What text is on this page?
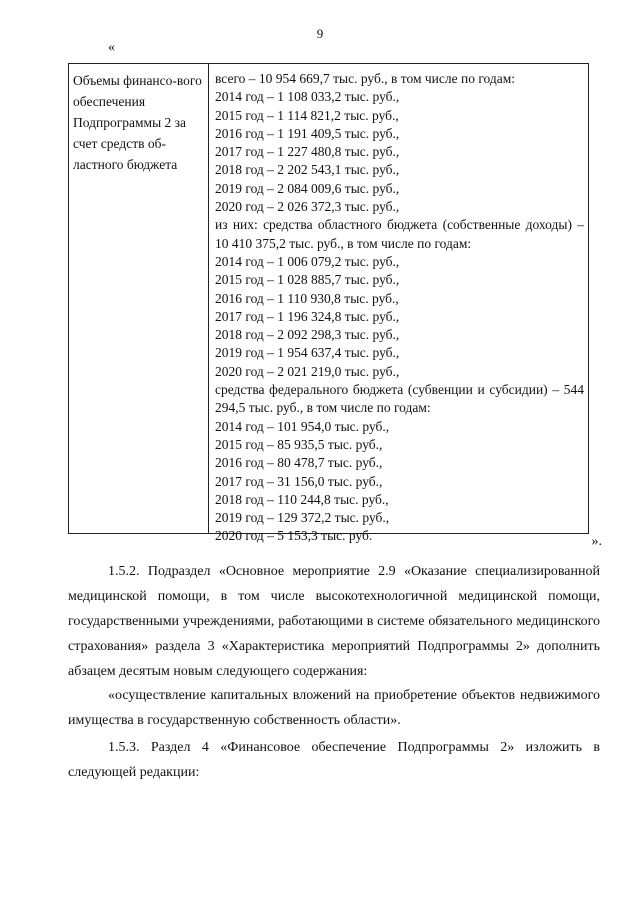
9
«
Объемы финансо-вого обеспечения Подпрограммы 2 за счет средств об-ластного бюджета
всего – 10 954 669,7 тыс. руб., в том числе по годам:
2014 год – 1 108 033,2 тыс. руб.,
2015 год – 1 114 821,2 тыс. руб.,
2016 год – 1 191 409,5 тыс. руб.,
2017 год – 1 227 480,8 тыс. руб.,
2018 год – 2 202 543,1 тыс. руб.,
2019 год – 2 084 009,6 тыс. руб.,
2020 год – 2 026 372,3 тыс. руб.,
из них: средства областного бюджета (собственные доходы) – 10 410 375,2 тыс. руб., в том числе по годам:
2014 год – 1 006 079,2 тыс. руб.,
2015 год – 1 028 885,7 тыс. руб.,
2016 год – 1 110 930,8 тыс. руб.,
2017 год – 1 196 324,8 тыс. руб.,
2018 год – 2 092 298,3 тыс. руб.,
2019 год – 1 954 637,4 тыс. руб.,
2020 год – 2 021 219,0 тыс. руб.,
средства федерального бюджета (субвенции и субсидии) – 544 294,5 тыс. руб., в том числе по годам:
2014 год – 101 954,0 тыс. руб.,
2015 год – 85 935,5 тыс. руб.,
2016 год – 80 478,7 тыс. руб.,
2017 год – 31 156,0 тыс. руб.,
2018 год – 110 244,8 тыс. руб.,
2019 год – 129 372,2 тыс. руб.,
2020 год – 5 153,3 тыс. руб.	».
1.5.2. Подраздел «Основное мероприятие 2.9 «Оказание специализированной медицинской помощи, в том числе высокотехнологичной медицинской помощи, государственными учреждениями, работающими в системе обязательного медицинского страхования» раздела 3 «Характеристика мероприятий Подпрограммы 2» дополнить абзацем десятым новым следующего содержания:
«осуществление капитальных вложений на приобретение объектов недвижимого имущества в государственную собственность области».
1.5.3. Раздел 4 «Финансовое обеспечение Подпрограммы 2» изложить в следующей редакции:
